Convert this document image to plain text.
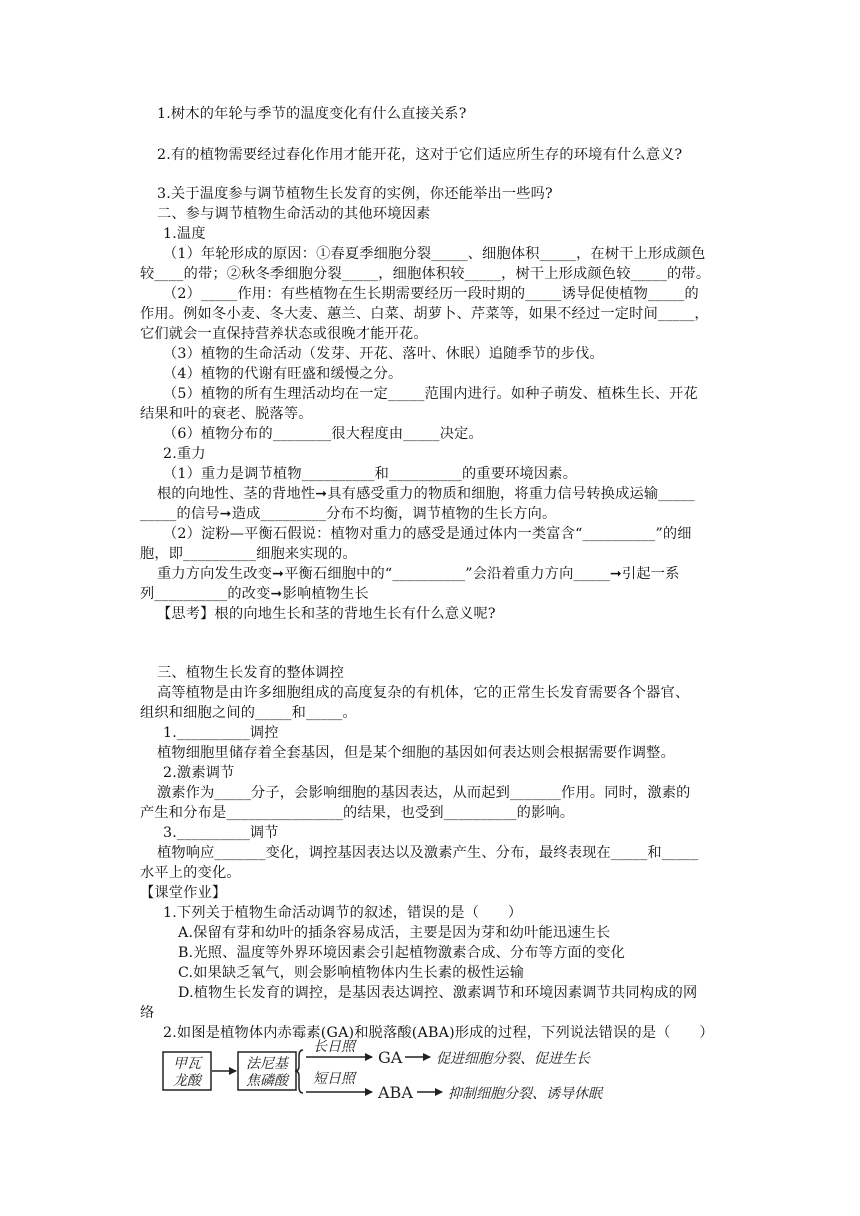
1.树木的年轮与季节的温度变化有什么直接关系?
2.有的植物需要经过春化作用才能开花，这对于它们适应所生存的环境有什么意义?
3.关于温度参与调节植物生长发育的实例，你还能举出一些吗?
二、参与调节植物生命活动的其他环境因素
1.温度
（1）年轮形成的原因：①春夏季细胞分裂_____、细胞体积_____，在树干上形成颜色
较____的带；②秋冬季细胞分裂_____，细胞体积较_____，树干上形成颜色较_____的带。
（2）_____作用：有些植物在生长期需要经历一段时期的_____诱导促使植物_____的
作用。例如冬小麦、冬大麦、蕙兰、白菜、胡萝卜、芹菜等，如果不经过一定时间_____，
它们就会一直保持营养状态或很晚才能开花。
（3）植物的生命活动（发芽、开花、落叶、休眠）追随季节的步伐。
（4）植物的代谢有旺盛和缓慢之分。
（5）植物的所有生理活动均在一定_____范围内进行。如种子萌发、植株生长、开花
结果和叶的衰老、脱落等。
（6）植物分布的________很大程度由_____决定。
2.重力
（1）重力是调节植物__________和__________的重要环境因素。
根的向地性、茎的背地性➞具有感受重力的物质和细胞，将重力信号转换成运输_____
_____的信号➞造成_________分布不均衡，调节植物的生长方向。
（2）淀粉—平衡石假说：植物对重力的感受是通过体内一类富含“__________”的细
胞，即__________细胞来实现的。
重力方向发生改变➞平衡石细胞中的“__________”会沿着重力方向_____➞引起一系
列__________的改变➞影响植物生长
【思考】根的向地生长和茎的背地生长有什么意义呢?
三、植物生长发育的整体调控
高等植物是由许多细胞组成的高度复杂的有机体，它的正常生长发育需要各个器官、
组织和细胞之间的_____和_____。
1.__________调控
植物细胞里储存着全套基因，但是某个细胞的基因如何表达则会根据需要作调整。
2.激素调节
激素作为_____分子，会影响细胞的基因表达，从而起到_______作用。同时，激素的
产生和分布是________________的结果，也受到__________的影响。
3.__________调节
植物响应_______变化，调控基因表达以及激素产生、分布，最终表现在_____和_____
水平上的变化。
【课堂作业】
1.下列关于植物生命活动调节的叙述，错误的是（　　）
A.保留有芽和幼叶的插条容易成活，主要是因为芽和幼叶能迅速生长
B.光照、温度等外界环境因素会引起植物激素合成、分布等方面的变化
C.如果缺乏氧气，则会影响植物体内生长素的极性运输
D.植物生长发育的调控，是基因表达调控、激素调节和环境因素调节共同构成的网
络
2.如图是植物体内赤霉素(GA)和脱落酸(ABA)形成的过程，下列说法错误的是（　　）
甲瓦
龙酸
法尼基
焦磷酸
长日照
GA 促进细胞分裂、促进生长
短日照
ABA	抑制细胞分裂、诱导休眠
